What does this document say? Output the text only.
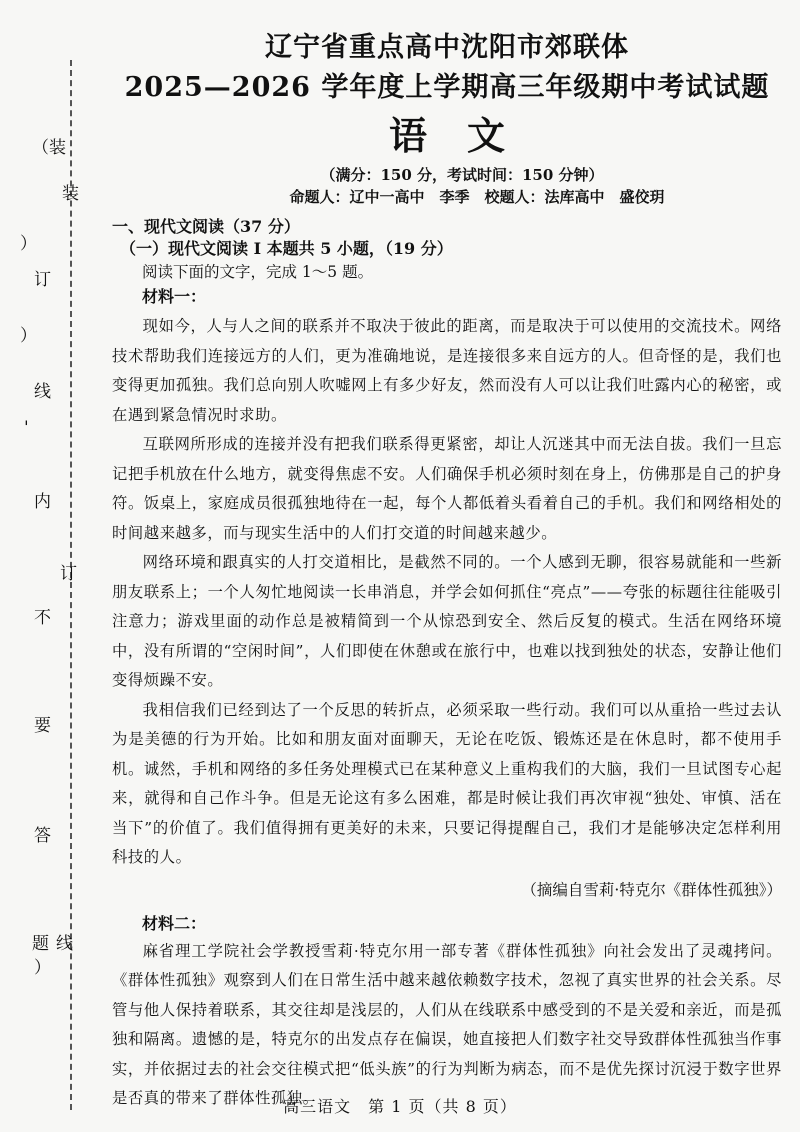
（装
装
）
订
）
线
'
内
订
不
要
答
题 线
）
辽宁省重点高中沈阳市郊联体
2025—2026 学年度上学期高三年级期中考试试题
语文
（满分：150 分，考试时间：150 分钟）
命题人：辽中一高中　李季　校题人：法库高中　盛佼玥

一、现代文阅读（37 分）

（一）现代文阅读 I 本题共 5 小题，（19 分）

阅读下面的文字，完成 1～5 题。

材料一：

现如今，人与人之间的联系并不取决于彼此的距离，而是取决于可以使用的交流技术。网络技术帮助我们连接远方的人们，更为准确地说，是连接很多来自远方的人。但奇怪的是，我们也变得更加孤独。我们总向别人吹嘘网上有多少好友，然而没有人可以让我们吐露内心的秘密，或在遇到紧急情况时求助。

互联网所形成的连接并没有把我们联系得更紧密，却让人沉迷其中而无法自拔。我们一旦忘记把手机放在什么地方，就变得焦虑不安。人们确保手机必须时刻在身上，仿佛那是自己的护身符。饭桌上，家庭成员很孤独地待在一起，每个人都低着头看着自己的手机。我们和网络相处的时间越来越多，而与现实生活中的人们打交道的时间越来越少。

网络环境和跟真实的人打交道相比，是截然不同的。一个人感到无聊，很容易就能和一些新朋友联系上；一个人匆忙地阅读一长串消息，并学会如何抓住“亮点”——夸张的标题往往能吸引注意力；游戏里面的动作总是被精简到一个从惊恐到安全、然后反复的模式。生活在网络环境中，没有所谓的“空闲时间”，人们即使在休憩或在旅行中，也难以找到独处的状态，安静让他们变得烦躁不安。

我相信我们已经到达了一个反思的转折点，必须采取一些行动。我们可以从重拾一些过去认为是美德的行为开始。比如和朋友面对面聊天，无论在吃饭、锻炼还是在休息时，都不使用手机。诚然，手机和网络的多任务处理模式已在某种意义上重构我们的大脑，我们一旦试图专心起来，就得和自己作斗争。但是无论这有多么困难，都是时候让我们再次审视“独处、审慎、活在当下”的价值了。我们值得拥有更美好的未来，只要记得提醒自己，我们才是能够决定怎样利用科技的人。

（摘编自雪莉·特克尔《群体性孤独》）

材料二：

麻省理工学院社会学教授雪莉·特克尔用一部专著《群体性孤独》向社会发出了灵魂拷问。《群体性孤独》观察到人们在日常生活中越来越依赖数字技术，忽视了真实世界的社会关系。尽管与他人保持着联系，其交往却是浅层的，人们从在线联系中感受到的不是关爱和亲近，而是孤独和隔离。遗憾的是，特克尔的出发点存在偏误，她直接把人们数字社交导致群体性孤独当作事实，并依据过去的社会交往模式把“低头族”的行为判断为病态，而不是优先探讨沉浸于数字世界是否真的带来了群体性孤独。

高三语文　第 1 页（共 8 页）
